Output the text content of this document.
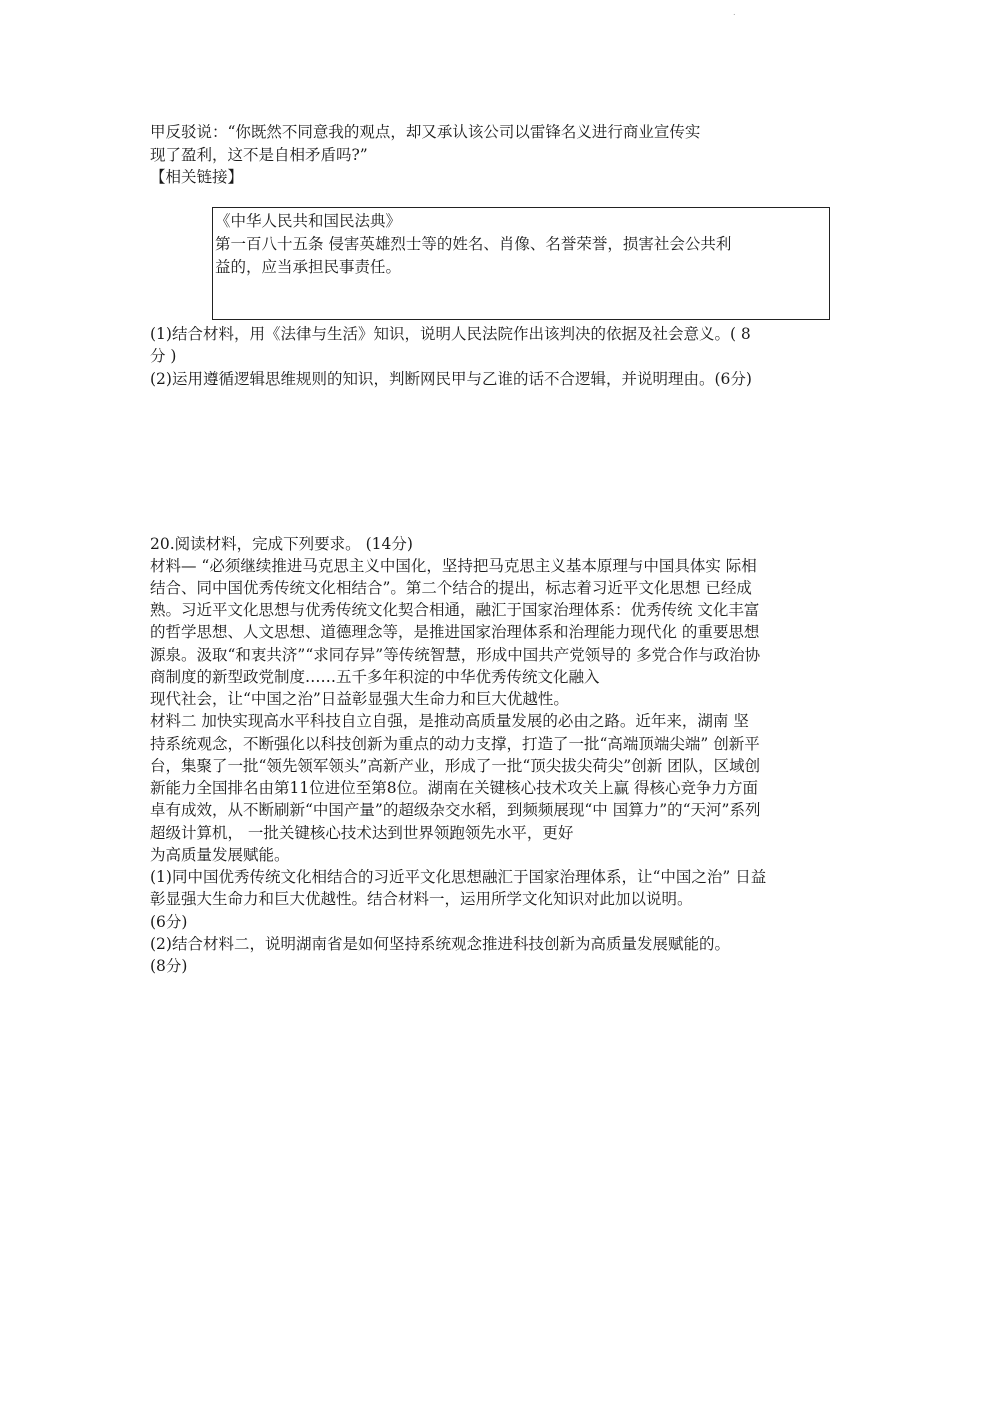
.
甲反驳说：“你既然不同意我的观点，却又承认该公司以雷锋名义进行商业宣传实
现了盈利，这不是自相矛盾吗?”
【相关链接】
《中华人民共和国民法典》
第一百八十五条 侵害英雄烈士等的姓名、肖像、名誉荣誉，损害社会公共利
益的，应当承担民事责任。
(1)结合材料，用《法律与生活》知识，说明人民法院作出该判决的依据及社会意义。( 8
分 )
(2)运用遵循逻辑思维规则的知识，判断网民甲与乙谁的话不合逻辑，并说明理由。(6分)
20.阅读材料，完成下列要求。 (14分)
材料— “必须继续推进马克思主义中国化，坚持把马克思主义基本原理与中国具体实 际相
结合、同中国优秀传统文化相结合”。第二个结合的提出，标志着习近平文化思想 已经成
熟。习近平文化思想与优秀传统文化契合相通，融汇于国家治理体系：优秀传统 文化丰富
的哲学思想、人文思想、道德理念等，是推进国家治理体系和治理能力现代化 的重要思想
源泉。汲取“和衷共济”“求同存异”等传统智慧，形成中国共产党领导的 多党合作与政治协
商制度的新型政党制度……五千多年积淀的中华优秀传统文化融入
现代社会，让“中国之治”日益彰显强大生命力和巨大优越性。
材料二 加快实现高水平科技自立自强，是推动高质量发展的必由之路。近年来，湖南 坚
持系统观念，不断强化以科技创新为重点的动力支撑，打造了一批“高端顶端尖端” 创新平
台，集聚了一批“领先领军领头”高新产业，形成了一批“顶尖拔尖荷尖”创新 团队，区域创
新能力全国排名由第11位进位至第8位。湖南在关键核心技术攻关上赢 得核心竞争力方面
卓有成效，从不断刷新“中国产量”的超级杂交水稻，到频频展现“中 国算力”的“天河”系列
超级计算机， 一批关键核心技术达到世界领跑领先水平，更好
为高质量发展赋能。
(1)同中国优秀传统文化相结合的习近平文化思想融汇于国家治理体系，让“中国之治” 日益
彰显强大生命力和巨大优越性。结合材料一，运用所学文化知识对此加以说明。
(6分)
(2)结合材料二，说明湖南省是如何坚持系统观念推进科技创新为高质量发展赋能的。
(8分)
